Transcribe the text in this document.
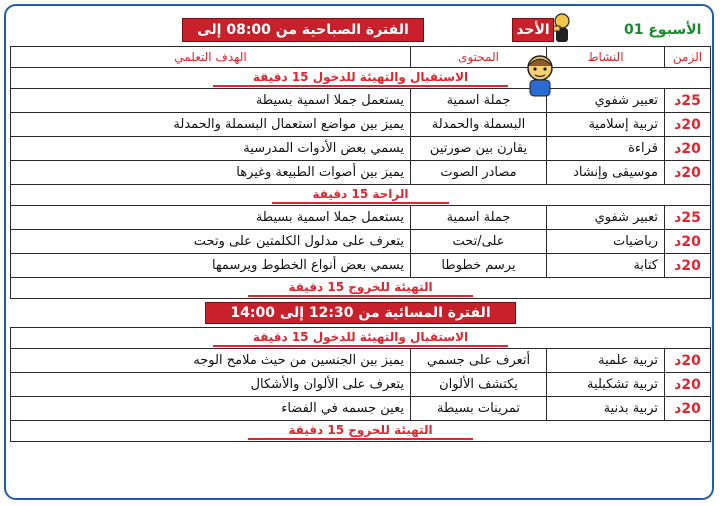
الأسبوع 01
الأحد
الفترة الصباحية من 08:00 إلى 11:15	الزمن	النشاط	المحتوى	الهدف التعلمي
الاستقبال والتهيئة للدخول 15 دقيقة			
25د	تعبير شفوي	جملة اسمية	يستعمل جملا اسمية بسيطة
20د	تربية إسلامية	البسملة والحمدلة	يميز بين مواضع استعمال البسملة والحمدلة
20د	قراءة	يقارن بين صورتين	يسمي بعض الأدوات المدرسية
20د	موسيقى وإنشاد	مصادر الصوت	يميز بين أصوات الطبيعة وغيرها
الراحة 15 دقيقة			
25د	تعبير شفوي	جملة اسمية	يستعمل جملا اسمية بسيطة
20د	رياضيات	على/تحت	يتعرف على مدلول الكلمتين على وتحت
20د	كتابة	يرسم خطوطا	يسمي بعض أنواع الخطوط ويرسمها
التهيئة للخروج 15 دقيقة			
الفترة المسائية من 12:30 إلى 14:00			
الاستقبال والتهيئة للدخول 15 دقيقة			
20د	تربية علمية	أتعرف على جسمي	يميز بين الجنسين من حيث ملامح الوجه
20د	تربية تشكيلية	يكتشف الألوان	يتعرف على الألوان والأشكال
20د	تربية بدنية	تمرينات بسيطة	يعين جسمه في الفضاء
التهيئة للخروج 15 دقيقة			
